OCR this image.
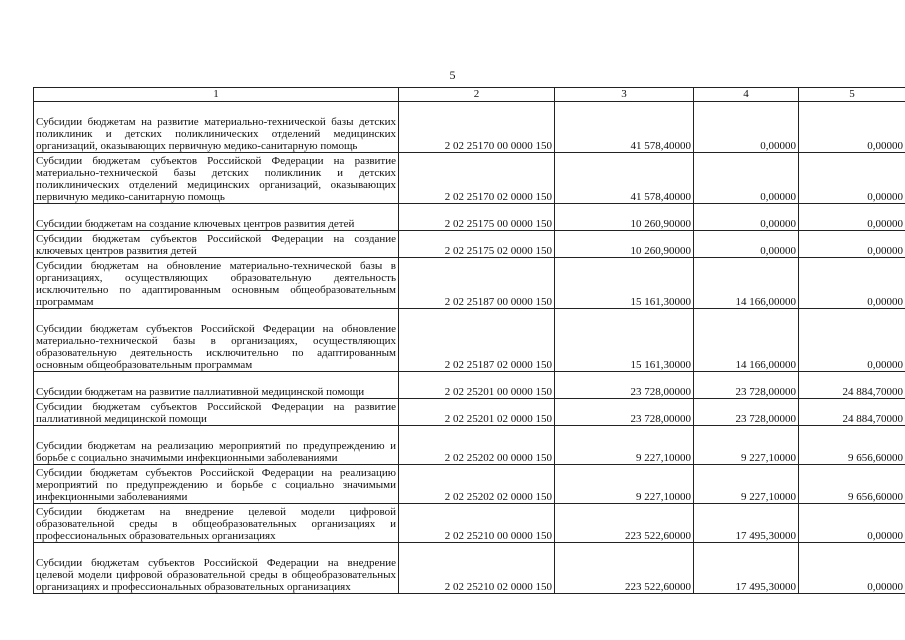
5
1	2	3	4	5
Субсидии бюджетам на развитие материально-технической базы детских поликлиник и детских поликлинических отделений медицинских организаций, оказывающих первичную медико-санитарную помощь	2 02 25170 00 0000 150	41 578,40000	0,00000	0,00000
Субсидии бюджетам субъектов Российской Федерации на развитие материально-технической базы детских поликлиник и детских поликлинических отделений медицинских организаций, оказывающих первичную медико-санитарную помощь	2 02 25170 02 0000 150	41 578,40000	0,00000	0,00000
Субсидии бюджетам на создание ключевых центров развития детей	2 02 25175 00 0000 150	10 260,90000	0,00000	0,00000
Субсидии бюджетам субъектов Российской Федерации на создание ключевых центров развития детей	2 02 25175 02 0000 150	10 260,90000	0,00000	0,00000
Субсидии бюджетам на обновление материально-технической базы в организациях, осуществляющих образовательную деятельность исключительно по адаптированным основным общеобразовательным программам	2 02 25187 00 0000 150	15 161,30000	14 166,00000	0,00000
Субсидии бюджетам субъектов Российской Федерации на обновление материально-технической базы в организациях, осуществляющих образовательную деятельность исключительно по адаптированным основным общеобразовательным программам	2 02 25187 02 0000 150	15 161,30000	14 166,00000	0,00000
Субсидии бюджетам на развитие паллиативной медицинской помощи	2 02 25201 00 0000 150	23 728,00000	23 728,00000	24 884,70000
Субсидии бюджетам субъектов Российской Федерации на развитие паллиативной медицинской помощи	2 02 25201 02 0000 150	23 728,00000	23 728,00000	24 884,70000
Субсидии бюджетам на реализацию мероприятий по предупреждению и борьбе с социально значимыми инфекционными заболеваниями	2 02 25202 00 0000 150	9 227,10000	9 227,10000	9 656,60000
Субсидии бюджетам субъектов Российской Федерации на реализацию мероприятий по предупреждению и борьбе с социально значимыми инфекционными заболеваниями	2 02 25202 02 0000 150	9 227,10000	9 227,10000	9 656,60000
Субсидии бюджетам на внедрение целевой модели цифровой образовательной среды в общеобразовательных организациях и профессиональных образовательных организациях	2 02 25210 00 0000 150	223 522,60000	17 495,30000	0,00000
Субсидии бюджетам субъектов Российской Федерации на внедрение целевой модели цифровой образовательной среды в общеобразовательных организациях и профессиональных образовательных организациях	2 02 25210 02 0000 150	223 522,60000	17 495,30000	0,00000
